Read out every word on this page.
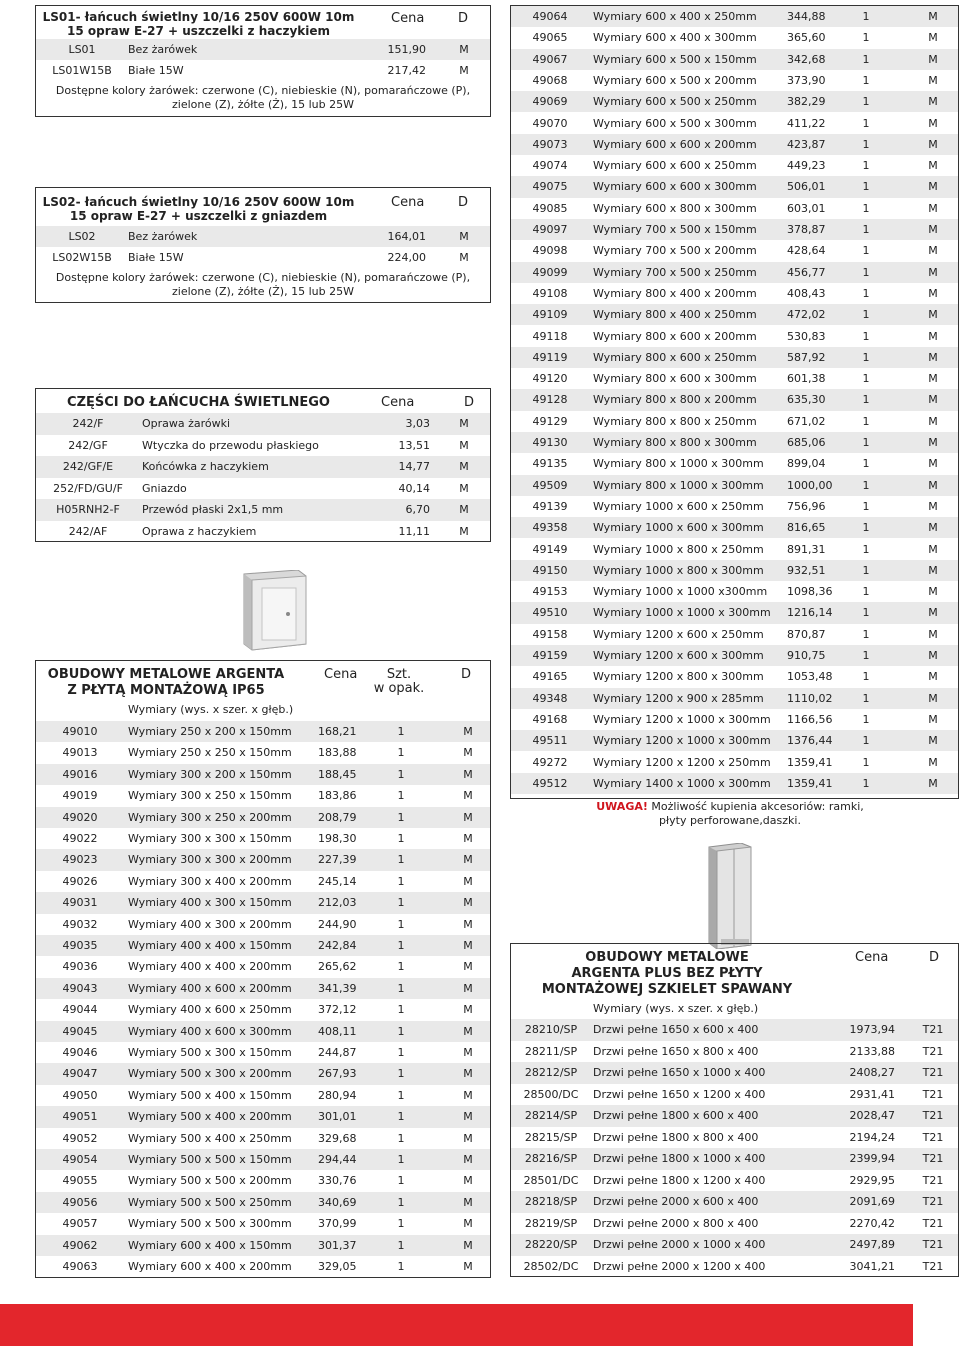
LS01- łańcuch świetlny 10/16 250V 600W 10m
15 opraw E-27 + uszczelki z haczykiem
Cena	D
LS01	Bez żarówek	151,90	M
LS01W15B	Białe 15W	217,42	M
Dostępne kolory żarówek: czerwone (C), niebieskie (N), pomarańczowe (P),
zielone (Z), żółte (Ż), 15 lub 25W
LS02- łańcuch świetlny 10/16 250V 600W 10m
15 opraw E-27 + uszczelki z gniazdem
Cena	D
LS02	Bez żarówek	164,01	M
LS02W15B	Białe 15W	224,00	M
Dostępne kolory żarówek: czerwone (C), niebieskie (N), pomarańczowe (P),
zielone (Z), żółte (Ż), 15 lub 25W
CZĘŚCI DO ŁAŃCUCHA ŚWIETLNEGO	Cena	D
242/F	Oprawa żarówki	3,03	M
242/GF	Wtyczka do przewodu płaskiego	13,51	M
242/GF/E	Końcówka z haczykiem	14,77	M
252/FD/GU/F	Gniazdo	40,14	M
H05RNH2-F	Przewód płaski 2x1,5 mm	6,70	M
242/AF	Oprawa z haczykiem	11,11	M
OBUDOWY METALOWE ARGENTA
Z PŁYTĄ MONTAŻOWĄ IP65
Cena	Szt.
w opak.
D
Wymiary (wys. x szer. x głęb.)
49010	Wymiary 250 x 200 x 150mm	168,21	1	M
49013	Wymiary 250 x 250 x 150mm	183,88	1	M
49016	Wymiary 300 x 200 x 150mm	188,45	1	M
49019	Wymiary 300 x 250 x 150mm	183,86	1	M
49020	Wymiary 300 x 250 x 200mm	208,79	1	M
49022	Wymiary 300 x 300 x 150mm	198,30	1	M
49023	Wymiary 300 x 300 x 200mm	227,39	1	M
49026	Wymiary 300 x 400 x 200mm	245,14	1	M
49031	Wymiary 400 x 300 x 150mm	212,03	1	M
49032	Wymiary 400 x 300 x 200mm	244,90	1	M
49035	Wymiary 400 x 400 x 150mm	242,84	1	M
49036	Wymiary 400 x 400 x 200mm	265,62	1	M
49043	Wymiary 400 x 600 x 200mm	341,39	1	M
49044	Wymiary 400 x 600 x 250mm	372,12	1	M
49045	Wymiary 400 x 600 x 300mm	408,11	1	M
49046	Wymiary 500 x 300 x 150mm	244,87	1	M
49047	Wymiary 500 x 300 x 200mm	267,93	1	M
49050	Wymiary 500 x 400 x 150mm	280,94	1	M
49051	Wymiary 500 x 400 x 200mm	301,01	1	M
49052	Wymiary 500 x 400 x 250mm	329,68	1	M
49054	Wymiary 500 x 500 x 150mm	294,44	1	M
49055	Wymiary 500 x 500 x 200mm	330,76	1	M
49056	Wymiary 500 x 500 x 250mm	340,69	1	M
49057	Wymiary 500 x 500 x 300mm	370,99	1	M
49062	Wymiary 600 x 400 x 150mm	301,37	1	M
49063	Wymiary 600 x 400 x 200mm	329,05	1	M
49064	Wymiary 600 x 400 x 250mm	344,88	1	M
49065	Wymiary 600 x 400 x 300mm	365,60	1	M
49067	Wymiary 600 x 500 x 150mm	342,68	1	M
49068	Wymiary 600 x 500 x 200mm	373,90	1	M
49069	Wymiary 600 x 500 x 250mm	382,29	1	M
49070	Wymiary 600 x 500 x 300mm	411,22	1	M
49073	Wymiary 600 x 600 x 200mm	423,87	1	M
49074	Wymiary 600 x 600 x 250mm	449,23	1	M
49075	Wymiary 600 x 600 x 300mm	506,01	1	M
49085	Wymiary 600 x 800 x 300mm	603,01	1	M
49097	Wymiary 700 x 500 x 150mm	378,87	1	M
49098	Wymiary 700 x 500 x 200mm	428,64	1	M
49099	Wymiary 700 x 500 x 250mm	456,77	1	M
49108	Wymiary 800 x 400 x 200mm	408,43	1	M
49109	Wymiary 800 x 400 x 250mm	472,02	1	M
49118	Wymiary 800 x 600 x 200mm	530,83	1	M
49119	Wymiary 800 x 600 x 250mm	587,92	1	M
49120	Wymiary 800 x 600 x 300mm	601,38	1	M
49128	Wymiary 800 x 800 x 200mm	635,30	1	M
49129	Wymiary 800 x 800 x 250mm	671,02	1	M
49130	Wymiary 800 x 800 x 300mm	685,06	1	M
49135	Wymiary 800 x 1000 x 300mm	899,04	1	M
49509	Wymiary 800 x 1000 x 300mm	1000,00	1	M
49139	Wymiary 1000 x 600 x 250mm	756,96	1	M
49358	Wymiary 1000 x 600 x 300mm	816,65	1	M
49149	Wymiary 1000 x 800 x 250mm	891,31	1	M
49150	Wymiary 1000 x 800 x 300mm	932,51	1	M
49153	Wymiary 1000 x 1000 x300mm	1098,36	1	M
49510	Wymiary 1000 x 1000 x 300mm 1216,14	1	M
49158	Wymiary 1200 x 600 x 250mm	870,87	1	M
49159	Wymiary 1200 x 600 x 300mm	910,75	1	M
49165	Wymiary 1200 x 800 x 300mm	1053,48	1	M
49348	Wymiary 1200 x 900 x 285mm	1110,02	1	M
49168	Wymiary 1200 x 1000 x 300mm 1166,56	1	M
49511	Wymiary 1200 x 1000 x 300mm 1376,44	1	M
49272	Wymiary 1200 x 1200 x 250mm 1359,41	1	M
49512	Wymiary 1400 x 1000 x 300mm 1359,41	1	M
UWAGA! Możliwość kupienia akcesoriów: ramki,
płyty perforowane,daszki.
OBUDOWY METALOWE
ARGENTA PLUS BEZ PŁYTY
MONTAŻOWEJ SZKIELET SPAWANY
Cena	D
Wymiary (wys. x szer. x głęb.)
28210/SP	Drzwi pełne 1650 x 600 x 400	1973,94	T21
28211/SP	Drzwi pełne 1650 x 800 x 400	2133,88	T21
28212/SP	Drzwi pełne 1650 x 1000 x 400	2408,27	T21
28500/DC	Drzwi pełne 1650 x 1200 x 400	2931,41	T21
28214/SP	Drzwi pełne 1800 x 600 x 400	2028,47	T21
28215/SP	Drzwi pełne 1800 x 800 x 400	2194,24	T21
28216/SP	Drzwi pełne 1800 x 1000 x 400	2399,94	T21
28501/DC	Drzwi pełne 1800 x 1200 x 400	2929,95	T21
28218/SP	Drzwi pełne 2000 x 600 x 400	2091,69	T21
28219/SP	Drzwi pełne 2000 x 800 x 400	2270,42	T21
28220/SP	Drzwi pełne 2000 x 1000 x 400	2497,89	T21
28502/DC	Drzwi pełne 2000 x 1200 x 400	3041,21	T21
